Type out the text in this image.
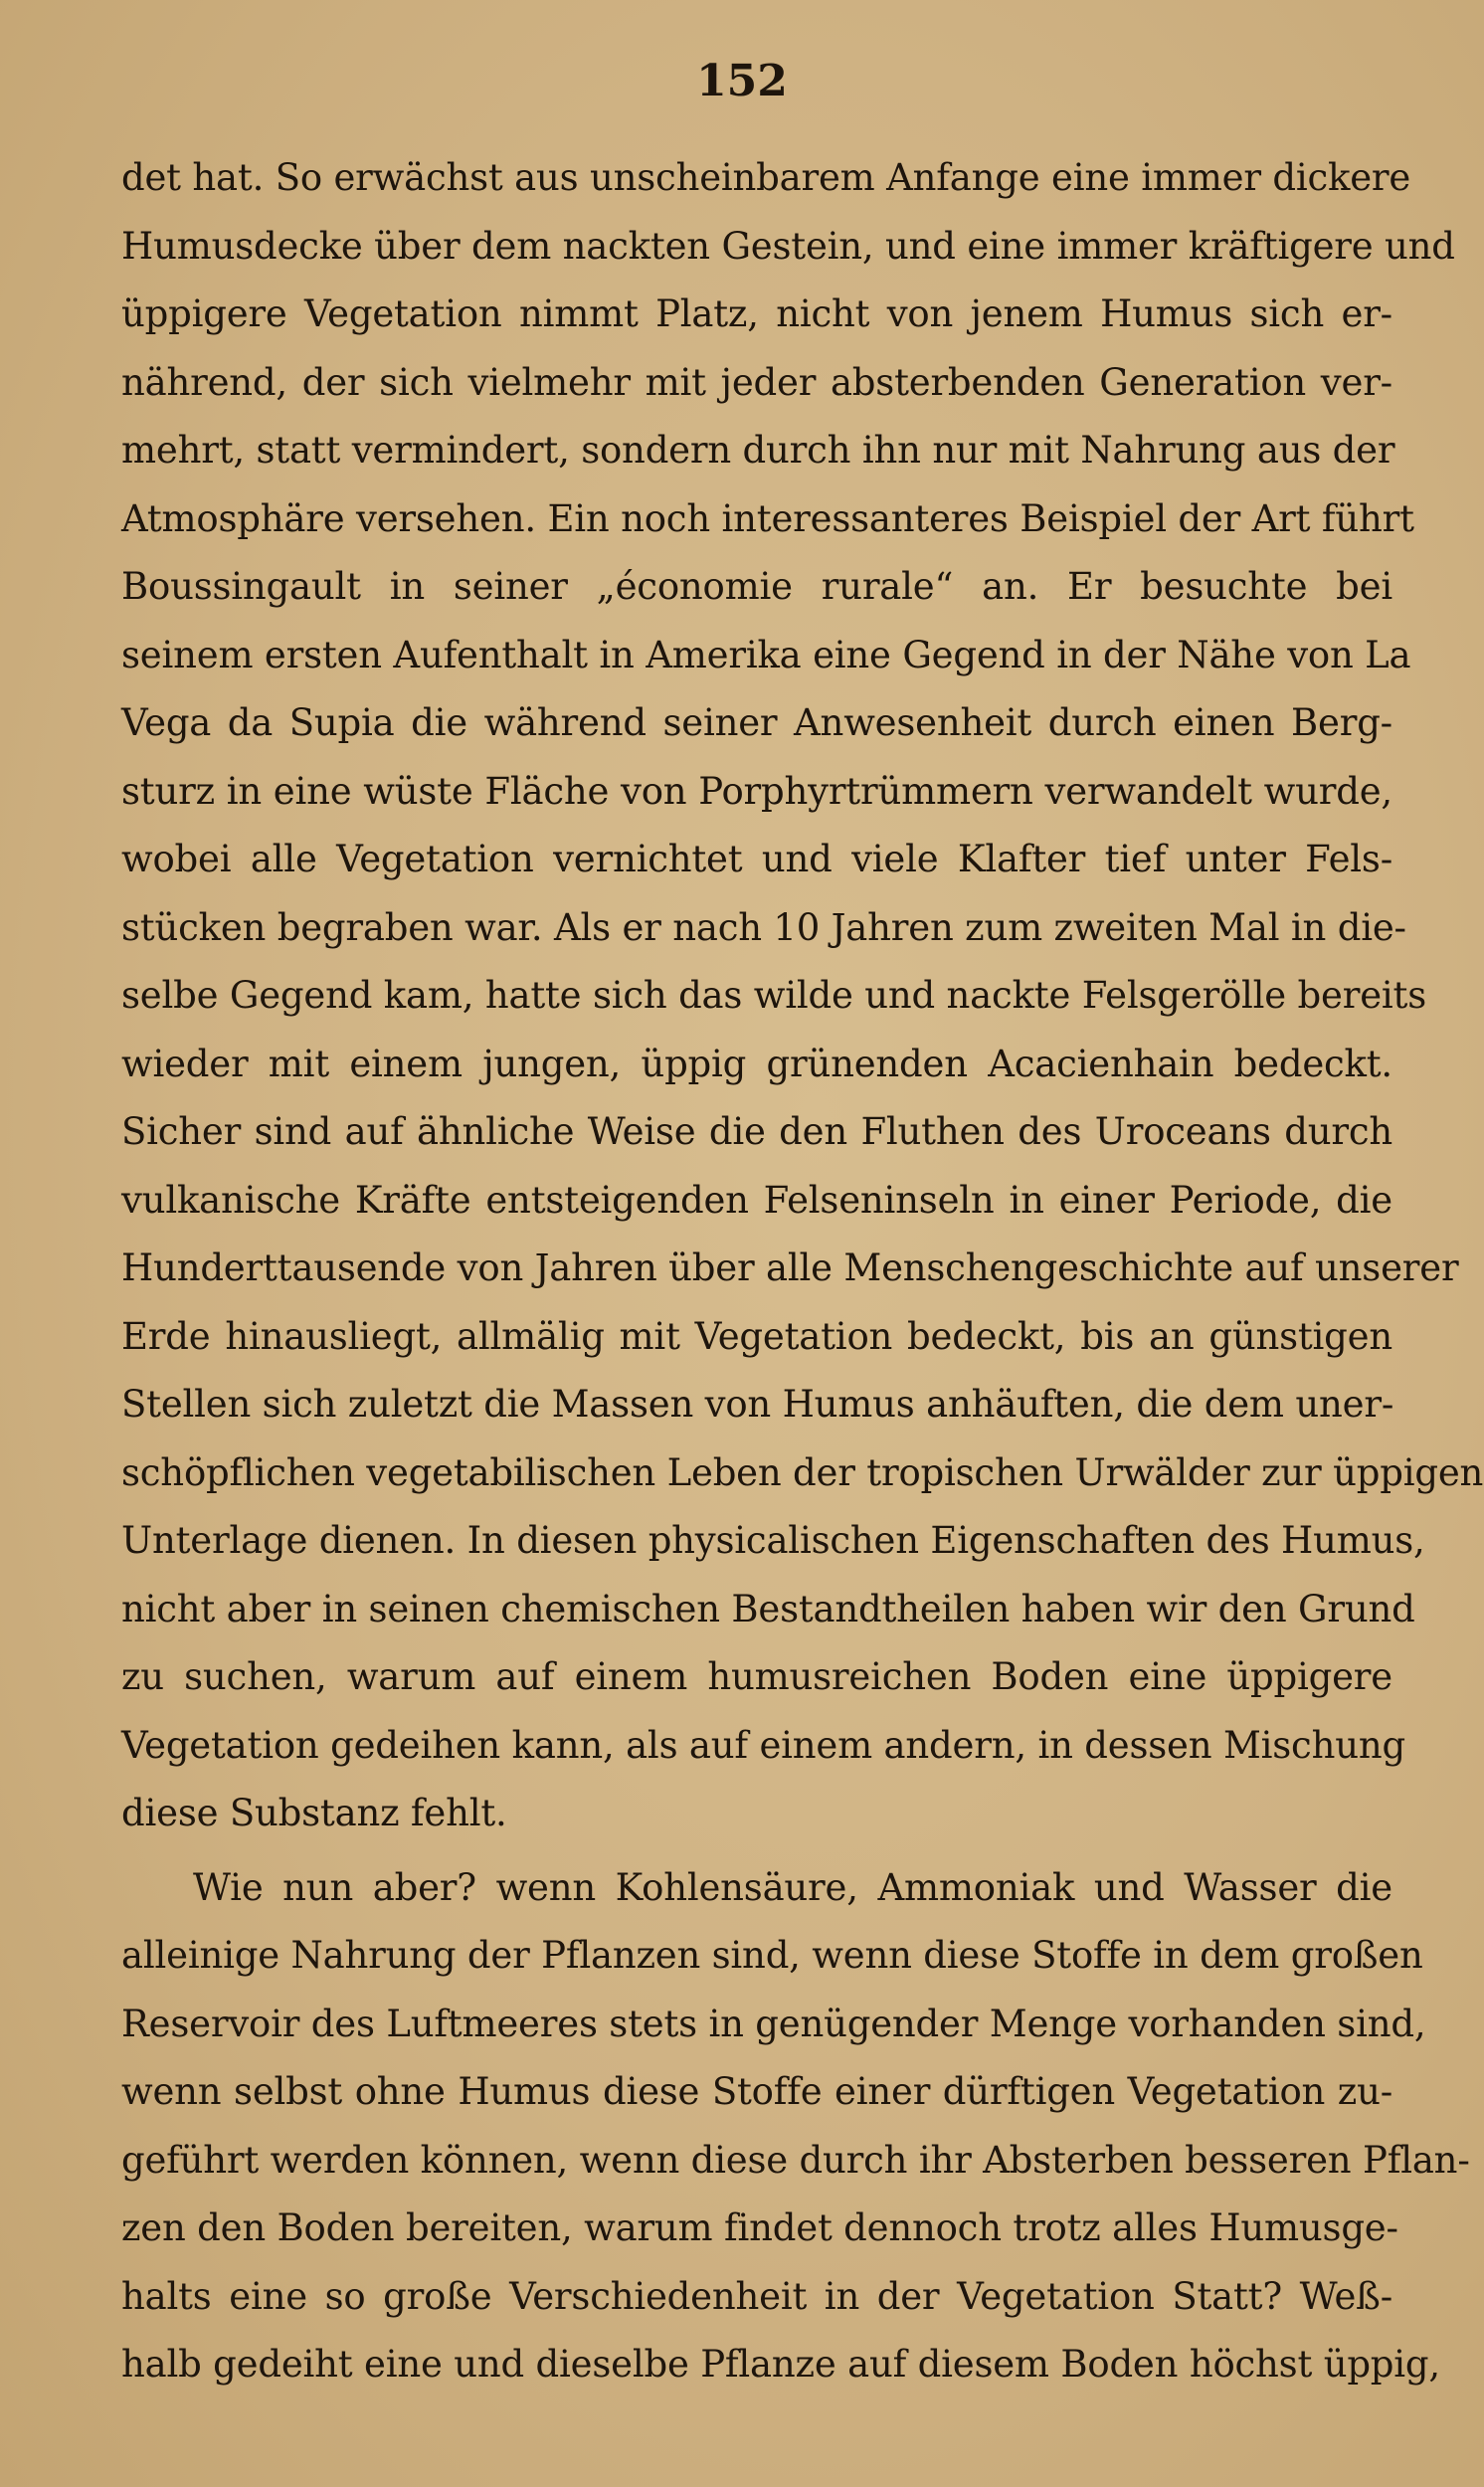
152
det hat. So erwächst aus unscheinbarem Anfange eine immer dickere
Humusdecke über dem nackten Gestein, und eine immer kräftigere und
üppigere Vegetation nimmt Platz, nicht von jenem Humus sich er-
nährend, der sich vielmehr mit jeder absterbenden Generation ver-
mehrt, statt vermindert, sondern durch ihn nur mit Nahrung aus der
Atmosphäre versehen. Ein noch interessanteres Beispiel der Art führt
Boussingault in seiner „économie rurale“ an. Er besuchte bei
seinem ersten Aufenthalt in Amerika eine Gegend in der Nähe von La
Vega da Supia die während seiner Anwesenheit durch einen Berg-
sturz in eine wüste Fläche von Porphyrtrümmern verwandelt wurde,
wobei alle Vegetation vernichtet und viele Klafter tief unter Fels-
stücken begraben war. Als er nach 10 Jahren zum zweiten Mal in die-
selbe Gegend kam, hatte sich das wilde und nackte Felsgerölle bereits
wieder mit einem jungen, üppig grünenden Acacienhain bedeckt.
Sicher sind auf ähnliche Weise die den Fluthen des Uroceans durch
vulkanische Kräfte entsteigenden Felseninseln in einer Periode, die
Hunderttausende von Jahren über alle Menschengeschichte auf unserer
Erde hinausliegt, allmälig mit Vegetation bedeckt, bis an günstigen
Stellen sich zuletzt die Massen von Humus anhäuften, die dem uner-
schöpflichen vegetabilischen Leben der tropischen Urwälder zur üppigen
Unterlage dienen. In diesen physicalischen Eigenschaften des Humus,
nicht aber in seinen chemischen Bestandtheilen haben wir den Grund
zu suchen, warum auf einem humusreichen Boden eine üppigere
Vegetation gedeihen kann, als auf einem andern, in dessen Mischung
diese Substanz fehlt.
Wie nun aber? wenn Kohlensäure, Ammoniak und Wasser die
alleinige Nahrung der Pflanzen sind, wenn diese Stoffe in dem großen
Reservoir des Luftmeeres stets in genügender Menge vorhanden sind,
wenn selbst ohne Humus diese Stoffe einer dürftigen Vegetation zu-
geführt werden können, wenn diese durch ihr Absterben besseren Pflan-
zen den Boden bereiten, warum findet dennoch trotz alles Humusge-
halts eine so große Verschiedenheit in der Vegetation Statt? Weß-
halb gedeiht eine und dieselbe Pflanze auf diesem Boden höchst üppig,
